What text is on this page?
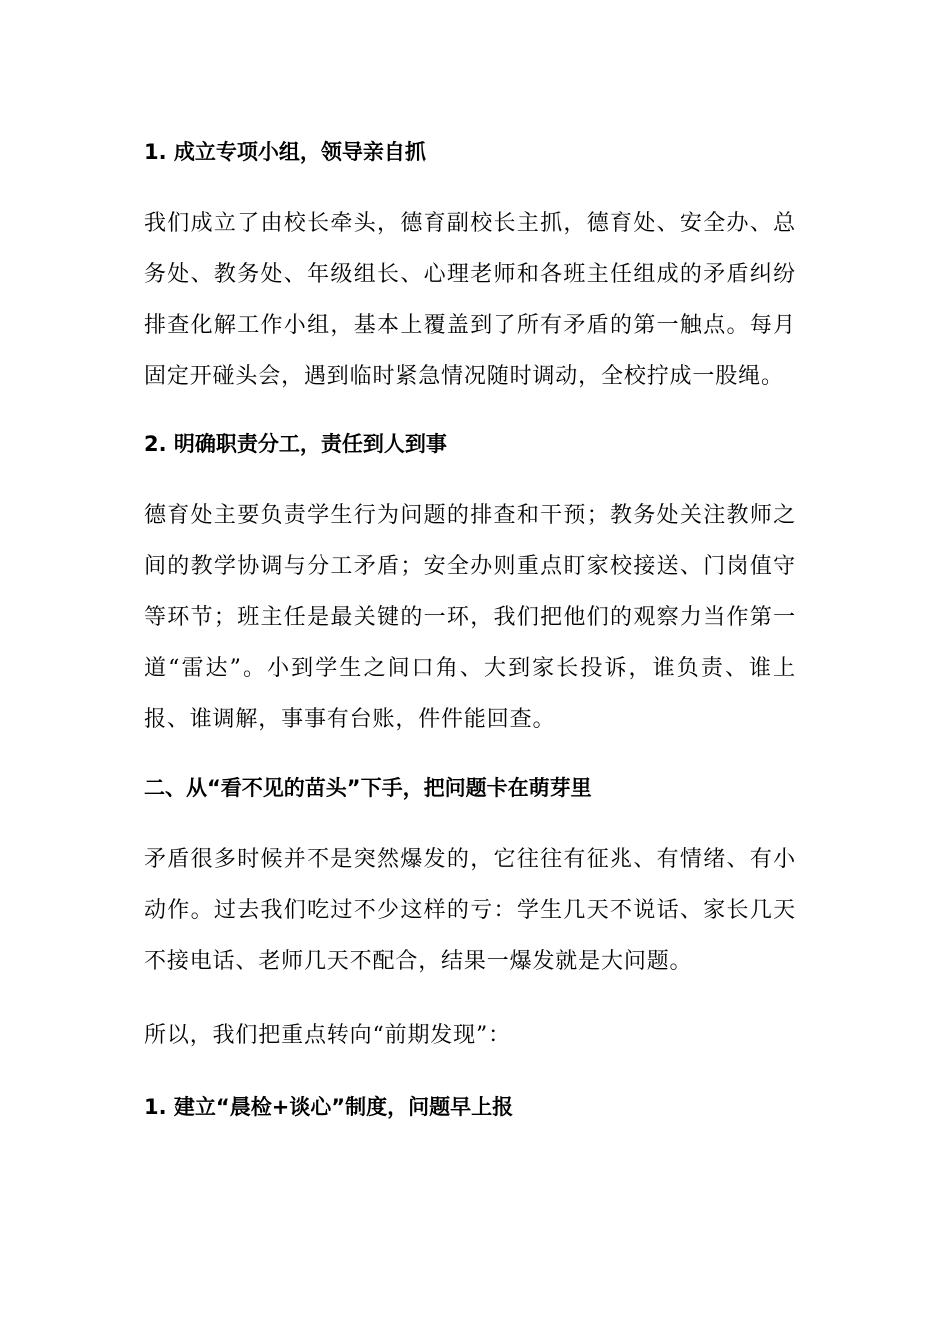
1. 成立专项小组，领导亲自抓

我们成立了由校长牵头，德育副校长主抓，德育处、安全办、总务处、教务处、年级组长、心理老师和各班主任组成的矛盾纠纷排查化解工作小组，基本上覆盖到了所有矛盾的第一触点。每月固定开碰头会，遇到临时紧急情况随时调动，全校拧成一股绳。

2. 明确职责分工，责任到人到事

德育处主要负责学生行为问题的排查和干预；教务处关注教师之间的教学协调与分工矛盾；安全办则重点盯家校接送、门岗值守等环节；班主任是最关键的一环，我们把他们的观察力当作第一道“雷达”。小到学生之间口角、大到家长投诉，谁负责、谁上报、谁调解，事事有台账，件件能回查。

二、从“看不见的苗头”下手，把问题卡在萌芽里

矛盾很多时候并不是突然爆发的，它往往有征兆、有情绪、有小动作。过去我们吃过不少这样的亏：学生几天不说话、家长几天不接电话、老师几天不配合，结果一爆发就是大问题。

所以，我们把重点转向“前期发现”：

1. 建立“晨检+谈心”制度，问题早上报
